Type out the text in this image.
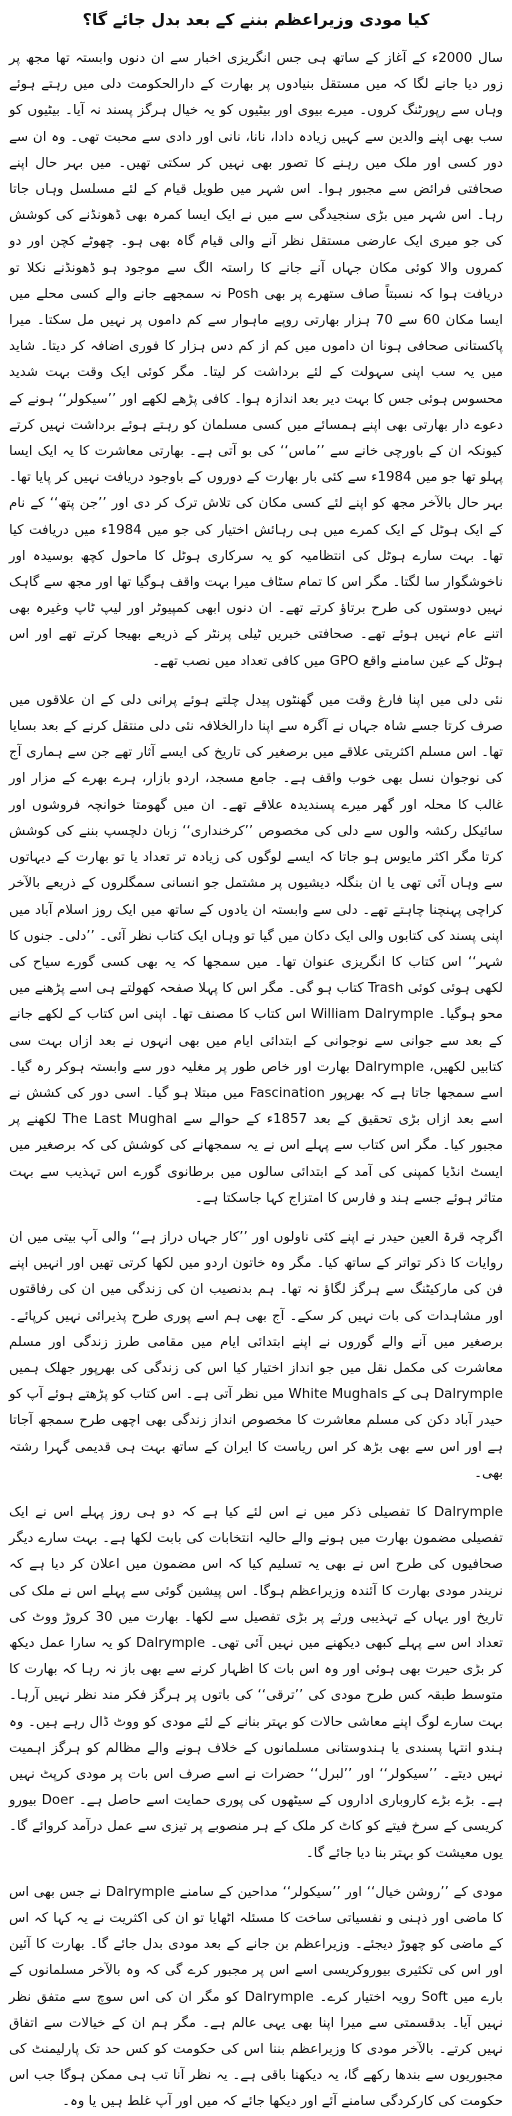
کیا مودی وزیراعظم بننے کے بعد بدل جائے گا؟

سال 2000ء کے آغاز کے ساتھ ہی جس انگریزی اخبار سے ان دنوں وابستہ تھا مجھ پر زور دیا جانے لگا کہ میں مستقل بنیادوں پر بھارت کے دارالحکومت دلی میں رہتے ہوئے وہاں سے رپورٹنگ کروں۔ میرے بیوی اور بیٹیوں کو یہ خیال ہرگز پسند نہ آیا۔ بیٹیوں کو سب بھی اپنے والدین سے کہیں زیادہ دادا، نانا، نانی اور دادی سے محبت تھی۔ وہ ان سے دور کسی اور ملک میں رہنے کا تصور بھی نہیں کر سکتی تھیں۔ میں بہر حال اپنے صحافتی فرائض سے مجبور ہوا۔ اس شہر میں طویل قیام کے لئے مسلسل وہاں جاتا رہا۔ اس شہر میں بڑی سنجیدگی سے میں نے ایک ایسا کمرہ بھی ڈھونڈنے کی کوشش کی جو میری ایک عارضی مستقل نظر آنے والی قیام گاہ بھی ہو۔ چھوٹے کچن اور دو کمروں والا کوئی مکان جہاں آنے جانے کا راستہ الگ سے موجود ہو ڈھونڈنے نکلا تو دریافت ہوا کہ نسبتاً صاف ستھرے پر بھی Posh نہ سمجھے جانے والے کسی محلے میں ایسا مکان 60 سے 70 ہزار بھارتی روپے ماہوار سے کم داموں پر نہیں مل سکتا۔ میرا پاکستانی صحافی ہونا ان داموں میں کم از کم دس ہزار کا فوری اضافہ کر دیتا۔ شاید میں یہ سب اپنی سہولت کے لئے برداشت کر لیتا۔ مگر کوئی ایک وقت بہت شدید محسوس ہوئی جس کا بہت دیر بعد اندازہ ہوا۔ کافی پڑھے لکھے اور ’’سیکولر‘‘ ہونے کے دعوے دار بھارتی بھی اپنے ہمسائے میں کسی مسلمان کو رہتے ہوئے برداشت نہیں کرتے کیونکہ ان کے باورچی خانے سے ’’ماس‘‘ کی بو آتی ہے۔ بھارتی معاشرت کا یہ ایک ایسا پہلو تھا جو میں 1984ء سے کئی بار بھارت کے دوروں کے باوجود دریافت نہیں کر پایا تھا۔ بہر حال بالآخر مجھ کو اپنے لئے کسی مکان کی تلاش ترک کر دی اور ’’جن پتھ‘‘ کے نام کے ایک ہوٹل کے ایک کمرے میں ہی رہائش اختیار کی جو میں 1984ء میں دریافت کیا تھا۔ بہت سارے ہوٹل کی انتظامیہ کو یہ سرکاری ہوٹل کا ماحول کچھ بوسیدہ اور ناخوشگوار سا لگتا۔ مگر اس کا تمام سٹاف میرا بہت واقف ہوگیا تھا اور مجھ سے گاہک نہیں دوستوں کی طرح برتاؤ کرتے تھے۔ ان دنوں ابھی کمپیوٹر اور لیپ ٹاپ وغیرہ بھی اتنے عام نہیں ہوئے تھے۔ صحافتی خبریں ٹیلی پرنٹر کے ذریعے بھیجا کرتے تھے اور اس ہوٹل کے عین سامنے واقع GPO میں کافی تعداد میں نصب تھے۔

نئی دلی میں اپنا فارغ وقت میں گھنٹوں پیدل چلتے ہوئے پرانی دلی کے ان علاقوں میں صرف کرتا جسے شاہ جہاں نے آگرہ سے اپنا دارالخلافہ نئی دلی منتقل کرنے کے بعد بسایا تھا۔ اس مسلم اکثریتی علاقے میں برصغیر کی تاریخ کی ایسے آثار تھے جن سے ہماری آج کی نوجوان نسل بھی خوب واقف ہے۔ جامع مسجد، اردو بازار، ہرے بھرے کے مزار اور غالب کا محلہ اور گھر میرے پسندیدہ علاقے تھے۔ ان میں گھومتا خوانچہ فروشوں اور سائیکل رکشہ والوں سے دلی کی مخصوص ’’کرخنداری‘‘ زبان دلچسپ بننے کی کوشش کرتا مگر اکثر مایوس ہو جاتا کہ ایسے لوگوں کی زیادہ تر تعداد یا تو بھارت کے دیہاتوں سے وہاں آئی تھی یا ان بنگلہ دیشیوں پر مشتمل جو انسانی سمگلروں کے ذریعے بالآخر کراچی پہنچنا چاہتے تھے۔ دلی سے وابستہ ان یادوں کے ساتھ میں ایک روز اسلام آباد میں اپنی پسند کی کتابوں والی ایک دکان میں گیا تو وہاں ایک کتاب نظر آئی۔ ’’دلی۔ جنوں کا شہر‘‘ اس کتاب کا انگریزی عنوان تھا۔ میں سمجھا کہ یہ بھی کسی گورے سیاح کی لکھی ہوئی کوئی Trash کتاب ہو گی۔ مگر اس کا پہلا صفحہ کھولتے ہی اسے پڑھنے میں محو ہوگیا۔ William Dalrymple اس کتاب کا مصنف تھا۔ اپنی اس کتاب کے لکھے جانے کے بعد سے جوانی سے نوجوانی کے ابتدائی ایام میں بھی انہوں نے بعد ازاں بہت سی کتابیں لکھیں، Dalrymple بھارت اور خاص طور پر مغلیہ دور سے وابستہ ہوکر رہ گیا۔ اسے سمجھا جاتا ہے کہ بھرپور Fascination میں مبتلا ہو گیا۔ اسی دور کی کشش نے اسے بعد ازاں بڑی تحقیق کے بعد 1857ء کے حوالے سے The Last Mughal لکھنے پر مجبور کیا۔ مگر اس کتاب سے پہلے اس نے یہ سمجھانے کی کوشش کی کہ برصغیر میں ایسٹ انڈیا کمپنی کی آمد کے ابتدائی سالوں میں برطانوی گورے اس تہذیب سے بہت متاثر ہوئے جسے ہند و فارس کا امتزاج کہا جاسکتا ہے۔

اگرچہ قرۃ العین حیدر نے اپنے کئی ناولوں اور ’’کار جہاں دراز ہے‘‘ والی آپ بیتی میں ان روایات کا ذکر تواتر کے ساتھ کیا۔ مگر وہ خاتون اردو میں لکھا کرتی تھیں اور انہیں اپنے فن کی مارکیٹنگ سے ہرگز لگاؤ نہ تھا۔ ہم بدنصیب ان کی زندگی میں ان کی رفاقتوں اور مشاہدات کی بات نہیں کر سکے۔ آج بھی ہم اسے پوری طرح پذیرائی نہیں کرپائے۔ برصغیر میں آنے والے گوروں نے اپنے ابتدائی ایام میں مقامی طرز زندگی اور مسلم معاشرت کی مکمل نقل میں جو انداز اختیار کیا اس کی زندگی کی بھرپور جھلک ہمیں Dalrymple ہی کے White Mughals میں نظر آتی ہے۔ اس کتاب کو پڑھتے ہوئے آپ کو حیدر آباد دکن کی مسلم معاشرت کا مخصوص انداز زندگی بھی اچھی طرح سمجھ آجاتا ہے اور اس سے بھی بڑھ کر اس ریاست کا ایران کے ساتھ بہت ہی قدیمی گہرا رشتہ بھی۔

Dalrymple کا تفصیلی ذکر میں نے اس لئے کیا ہے کہ دو ہی روز پہلے اس نے ایک تفصیلی مضمون بھارت میں ہونے والے حالیہ انتخابات کی بابت لکھا ہے۔ بہت سارے دیگر صحافیوں کی طرح اس نے بھی یہ تسلیم کیا کہ اس مضمون میں اعلان کر دیا ہے کہ نریندر مودی بھارت کا آئندہ وزیراعظم ہوگا۔ اس پیشین گوئی سے پہلے اس نے ملک کی تاریخ اور یہاں کے تہذیبی ورثے پر بڑی تفصیل سے لکھا۔ بھارت میں 30 کروڑ ووٹ کی تعداد اس سے پہلے کبھی دیکھنے میں نہیں آئی تھی۔ Dalrymple کو یہ سارا عمل دیکھ کر بڑی حیرت بھی ہوئی اور وہ اس بات کا اظہار کرنے سے بھی باز نہ رہا کہ بھارت کا متوسط طبقہ کس طرح مودی کی ’’ترقی‘‘ کی باتوں پر ہرگز فکر مند نظر نہیں آرہا۔ بہت سارے لوگ اپنے معاشی حالات کو بہتر بنانے کے لئے مودی کو ووٹ ڈال رہے ہیں۔ وہ ہندو انتہا پسندی یا ہندوستانی مسلمانوں کے خلاف ہونے والے مظالم کو ہرگز اہمیت نہیں دیتے۔ ’’سیکولر‘‘ اور ’’لبرل‘‘ حضرات نے اسے صرف اس بات پر مودی کرپٹ نہیں ہے۔ بڑے بڑے کاروباری اداروں کے سیٹھوں کی پوری حمایت اسے حاصل ہے۔ Doer بیورو کریسی کے سرخ فیتے کو کاٹ کر ملک کے ہر منصوبے پر تیزی سے عمل درآمد کروائے گا۔ یوں معیشت کو بہتر بنا دیا جائے گا۔

مودی کے ’’روشن خیال‘‘ اور ’’سیکولر‘‘ مداحین کے سامنے Dalrymple نے جس بھی اس کا ماضی اور ذہنی و نفسیاتی ساخت کا مسئلہ اٹھایا تو ان کی اکثریت نے یہ کہا کہ اس کے ماضی کو چھوڑ دیجئے۔ وزیراعظم بن جانے کے بعد مودی بدل جائے گا۔ بھارت کا آئین اور اس کی تکثیری بیوروکریسی اسے اس پر مجبور کرے گی کہ وہ بالآخر مسلمانوں کے بارے میں Soft رویہ اختیار کرے۔ Dalrymple کو مگر ان کی اس سوچ سے متفق نظر نہیں آیا۔ بدقسمتی سے میرا اپنا بھی یہی عالم ہے۔ مگر ہم ان کے خیالات سے اتفاق نہیں کرتے۔ بالآخر مودی کا وزیراعظم بننا اس کی حکومت کو کس حد تک پارلیمنٹ کی مجبوریوں سے بندھا رکھے گا، یہ دیکھنا باقی ہے۔ یہ نظر آنا تب ہی ممکن ہوگا جب اس حکومت کی کارکردگی سامنے آئے اور دیکھا جائے کہ میں اور آپ غلط ہیں یا وہ۔
